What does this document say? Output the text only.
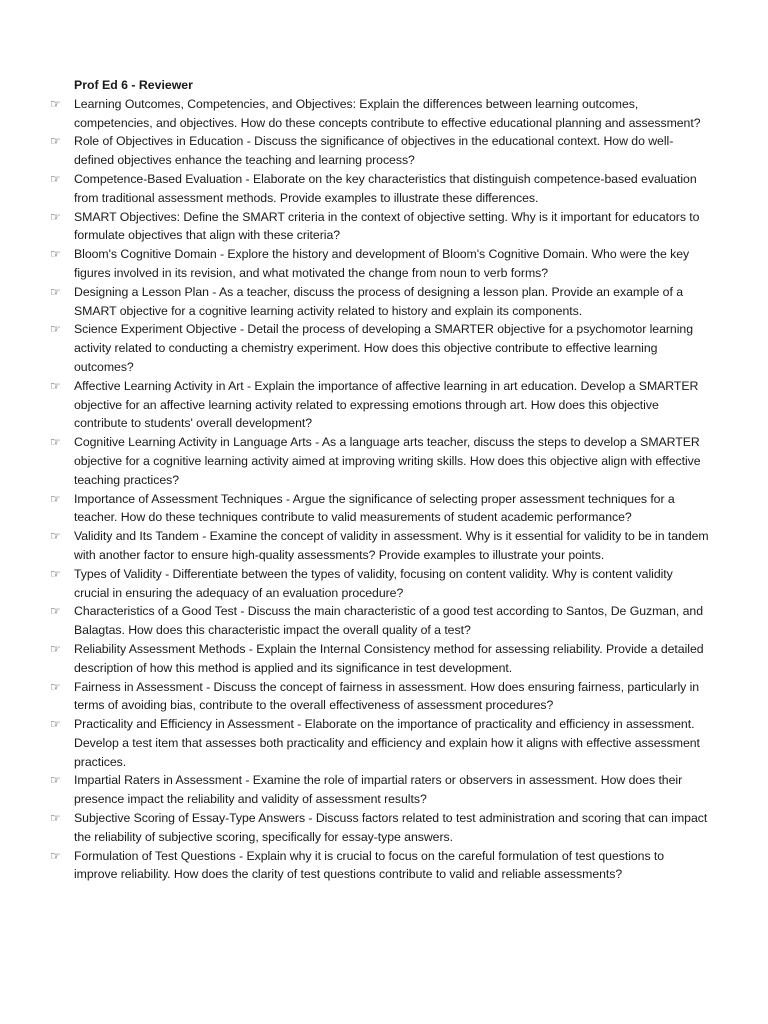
Prof Ed 6 - Reviewer

☞	Learning Outcomes, Competencies, and Objectives: Explain the differences between learning outcomes, competencies, and objectives. How do these concepts contribute to effective educational planning and assessment?
☞	Role of Objectives in Education - Discuss the significance of objectives in the educational context. How do well-defined objectives enhance the teaching and learning process?
☞	Competence-Based Evaluation - Elaborate on the key characteristics that distinguish competence-based evaluation from traditional assessment methods. Provide examples to illustrate these differences.
☞	SMART Objectives: Define the SMART criteria in the context of objective setting. Why is it important for educators to formulate objectives that align with these criteria?
☞	Bloom's Cognitive Domain - Explore the history and development of Bloom's Cognitive Domain. Who were the key figures involved in its revision, and what motivated the change from noun to verb forms?
☞	Designing a Lesson Plan - As a teacher, discuss the process of designing a lesson plan. Provide an example of a SMART objective for a cognitive learning activity related to history and explain its components.
☞	Science Experiment Objective - Detail the process of developing a SMARTER objective for a psychomotor learning activity related to conducting a chemistry experiment. How does this objective contribute to effective learning outcomes?
☞	Affective Learning Activity in Art - Explain the importance of affective learning in art education. Develop a SMARTER objective for an affective learning activity related to expressing emotions through art. How does this objective contribute to students' overall development?
☞	Cognitive Learning Activity in Language Arts - As a language arts teacher, discuss the steps to develop a SMARTER objective for a cognitive learning activity aimed at improving writing skills. How does this objective align with effective teaching practices?
☞	Importance of Assessment Techniques - Argue the significance of selecting proper assessment techniques for a teacher. How do these techniques contribute to valid measurements of student academic performance?
☞	Validity and Its Tandem - Examine the concept of validity in assessment. Why is it essential for validity to be in tandem with another factor to ensure high-quality assessments? Provide examples to illustrate your points.
☞	Types of Validity - Differentiate between the types of validity, focusing on content validity. Why is content validity crucial in ensuring the adequacy of an evaluation procedure?
☞	Characteristics of a Good Test - Discuss the main characteristic of a good test according to Santos, De Guzman, and Balagtas. How does this characteristic impact the overall quality of a test?
☞	Reliability Assessment Methods - Explain the Internal Consistency method for assessing reliability. Provide a detailed description of how this method is applied and its significance in test development.
☞	Fairness in Assessment - Discuss the concept of fairness in assessment. How does ensuring fairness, particularly in terms of avoiding bias, contribute to the overall effectiveness of assessment procedures?
☞	Practicality and Efficiency in Assessment - Elaborate on the importance of practicality and efficiency in assessment. Develop a test item that assesses both practicality and efficiency and explain how it aligns with effective assessment practices.
☞	Impartial Raters in Assessment - Examine the role of impartial raters or observers in assessment. How does their presence impact the reliability and validity of assessment results?
☞	Subjective Scoring of Essay-Type Answers - Discuss factors related to test administration and scoring that can impact the reliability of subjective scoring, specifically for essay-type answers.
☞	Formulation of Test Questions - Explain why it is crucial to focus on the careful formulation of test questions to improve reliability. How does the clarity of test questions contribute to valid and reliable assessments?
